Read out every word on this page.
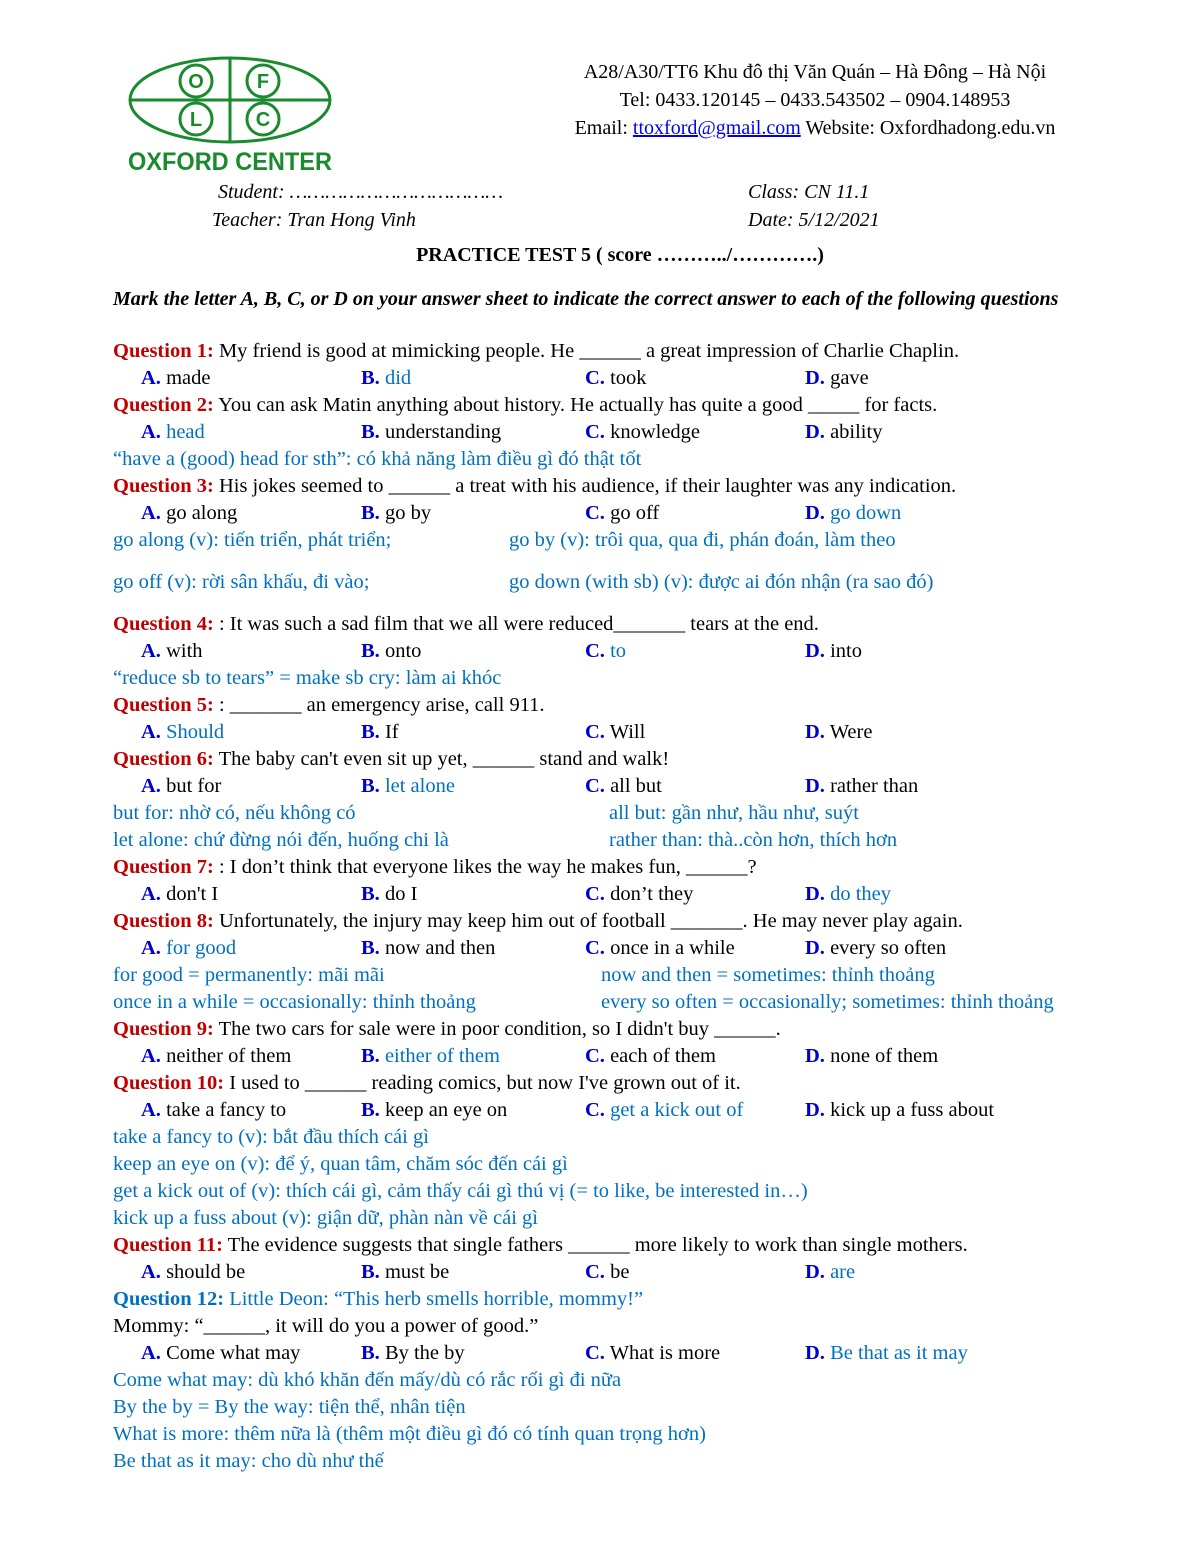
O	F
L	C
OXFORD CENTER
A28/A30/TT6 Khu đô thị Văn Quán – Hà Đông – Hà Nội
Tel: 0433.120145 – 0433.543502 – 0904.148953
Email: ttoxford@gmail.com Website: Oxfordhadong.edu.vn
Student: ………………………………	Class: CN 11.1
Teacher: Tran Hong Vinh	Date: 5/12/2021
PRACTICE TEST 5 ( score ………../………….)
Mark the letter A, B, C, or D on your answer sheet to indicate the correct answer to each of the following questions
Question 1: My friend is good at mimicking people. He ______ a great impression of Charlie Chaplin.
A. made	B. did	C. took	D. gave
Question 2: You can ask Matin anything about history. He actually has quite a good _____ for facts.
A. head	B. understanding	C. knowledge	D. ability
“have a (good) head for sth”: có khả năng làm điều gì đó thật tốt
Question 3: His jokes seemed to ______ a treat with his audience, if their laughter was any indication.
A. go along	B. go by	C. go off	D. go down
go along (v): tiến triển, phát triển;	go by (v): trôi qua, qua đi, phán đoán, làm theo
go off (v): rời sân khấu, đi vào;	go down (with sb) (v): được ai đón nhận (ra sao đó)
Question 4: : It was such a sad film that we all were reduced_______ tears at the end.
A. with	B. onto	C. to	D. into
“reduce sb to tears” = make sb cry: làm ai khóc
Question 5: : _______ an emergency arise, call 911.
A. Should	B. If	C. Will	D. Were
Question 6: The baby can't even sit up yet, ______ stand and walk!
A. but for	B. let alone	C. all but	D. rather than
but for: nhờ có, nếu không có	all but: gần như, hầu như, suýt
let alone: chứ đừng nói đến, huống chi là	rather than: thà..còn hơn, thích hơn
Question 7: : I don’t think that everyone likes the way he makes fun, ______?
A. don't I	B. do I	C. don’t they	D. do they
Question 8: Unfortunately, the injury may keep him out of football _______. He may never play again.
A. for good	B. now and then	C. once in a while	D. every so often
for good = permanently: mãi mãi	now and then = sometimes: thỉnh thoảng
once in a while = occasionally: thỉnh thoảng	every so often = occasionally; sometimes: thỉnh thoảng
Question 9: The two cars for sale were in poor condition, so I didn't buy ______.
A. neither of them	B. either of them	C. each of them	D. none of them
Question 10: I used to ______ reading comics, but now I've grown out of it.
A. take a fancy to	B. keep an eye on	C. get a kick out of	D. kick up a fuss about
take a fancy to (v): bắt đầu thích cái gì
keep an eye on (v): để ý, quan tâm, chăm sóc đến cái gì
get a kick out of (v): thích cái gì, cảm thấy cái gì thú vị (= to like, be interested in…)
kick up a fuss about (v): giận dữ, phàn nàn về cái gì
Question 11: The evidence suggests that single fathers ______ more likely to work than single mothers.
A. should be	B. must be	C. be	D. are
Question 12: Little Deon: “This herb smells horrible, mommy!”
Mommy: “______, it will do you a power of good.”
A. Come what may	B. By the by	C. What is more	D. Be that as it may
Come what may: dù khó khăn đến mấy/dù có rắc rối gì đi nữa
By the by = By the way: tiện thể, nhân tiện
What is more: thêm nữa là (thêm một điều gì đó có tính quan trọng hơn)
Be that as it may: cho dù như thế
